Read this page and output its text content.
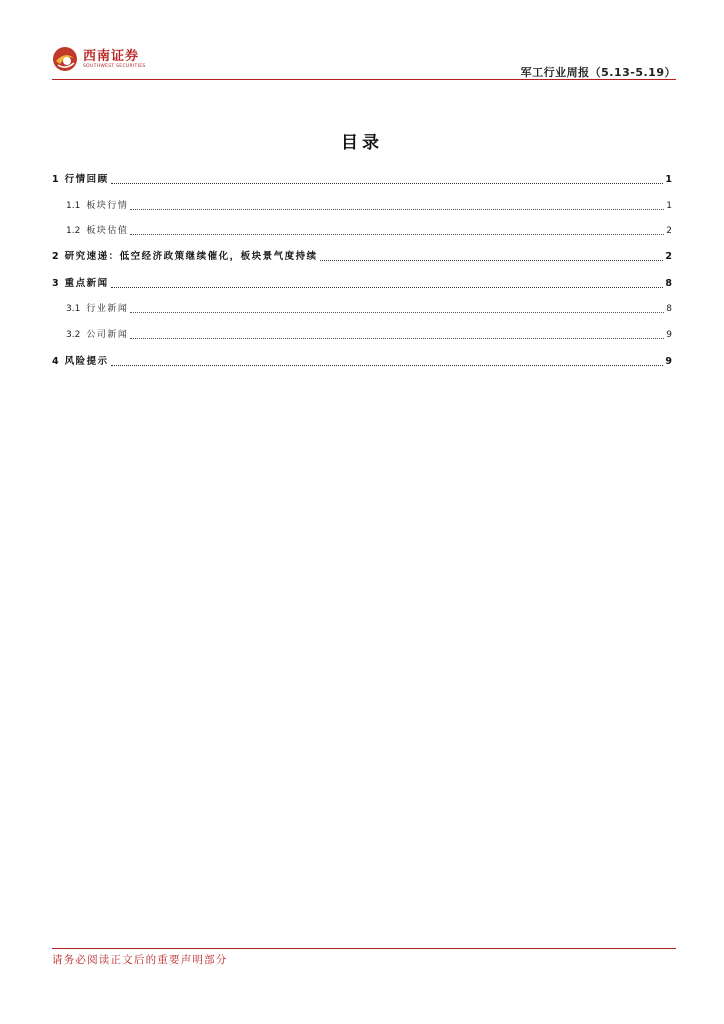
西南证券
SOUTHWEST SECURITIES	军工行业周报（5.13-5.19）
目录
1 行情回顾	1
1.1 板块行情	1
1.2 板块估值	2
2 研究速递：低空经济政策继续催化，板块景气度持续	2
3 重点新闻	8
3.1 行业新闻	8
3.2 公司新闻	9
4 风险提示	9
请务必阅读正文后的重要声明部分
